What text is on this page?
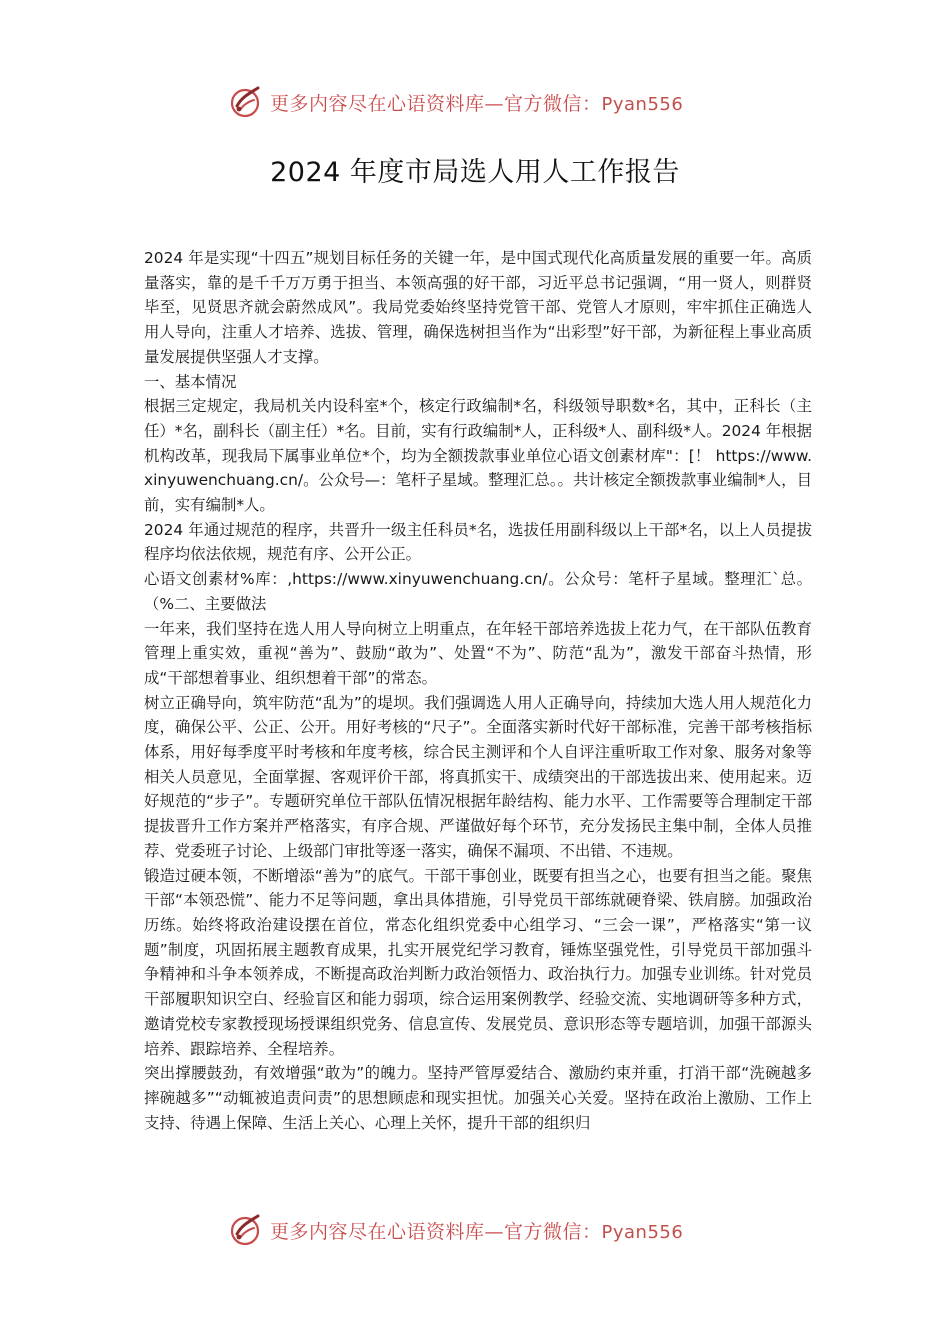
更多内容尽在心语资料库—官方微信：Pyan556
2024 年度市局选人用人工作报告

2024 年是实现“十四五”规划目标任务的关键一年，是中国式现代化高质量发展的重要一年。高质量落实，靠的是千千万万勇于担当、本领高强的好干部，习近平总书记强调，“用一贤人，则群贤毕至，见贤思齐就会蔚然成风”。我局党委始终坚持党管干部、党管人才原则，牢牢抓住正确选人用人导向，注重人才培养、选拔、管理，确保选树担当作为“出彩型”好干部，为新征程上事业高质量发展提供坚强人才支撑。

一、基本情况

根据三定规定，我局机关内设科室*个，核定行政编制*名，科级领导职数*名，其中，正科长（主任）*名，副科长（副主任）*名。目前，实有行政编制*人，正科级*人、副科级*人。2024 年根据机构改革，现我局下属事业单位*个，均为全额拨款事业单位心语文创素材库"：[！ https://www.xinyuwenchuang.cn/。公众号—：笔杆子星域。整理汇总。。共计核定全额拨款事业编制*人，目前，实有编制*人。

2024 年通过规范的程序，共晋升一级主任科员*名，选拔任用副科级以上干部*名，以上人员提拔程序均依法依规，规范有序、公开公正。

心语文创素材%库：,https://www.xinyuwenchuang.cn/。公众号：笔杆子星域。整理汇`总。（%二、主要做法

一年来，我们坚持在选人用人导向树立上明重点，在年轻干部培养选拔上花力气，在干部队伍教育管理上重实效，重视“善为”、鼓励“敢为”、处置“不为”、防范“乱为”，激发干部奋斗热情，形成“干部想着事业、组织想着干部”的常态。

树立正确导向，筑牢防范“乱为”的堤坝。我们强调选人用人正确导向，持续加大选人用人规范化力度，确保公平、公正、公开。用好考核的“尺子”。全面落实新时代好干部标准，完善干部考核指标体系，用好每季度平时考核和年度考核，综合民主测评和个人自评注重听取工作对象、服务对象等相关人员意见，全面掌握、客观评价干部，将真抓实干、成绩突出的干部选拔出来、使用起来。迈好规范的“步子”。专题研究单位干部队伍情况根据年龄结构、能力水平、工作需要等合理制定干部提拔晋升工作方案并严格落实，有序合规、严谨做好每个环节，充分发扬民主集中制，全体人员推荐、党委班子讨论、上级部门审批等逐一落实，确保不漏项、不出错、不违规。

锻造过硬本领，不断增添“善为”的底气。干部干事创业，既要有担当之心，也要有担当之能。聚焦干部“本领恐慌”、能力不足等问题，拿出具体措施，引导党员干部练就硬脊梁、铁肩膀。加强政治历练。始终将政治建设摆在首位，常态化组织党委中心组学习、“三会一课”，严格落实“第一议题”制度，巩固拓展主题教育成果，扎实开展党纪学习教育，锤炼坚强党性，引导党员干部加强斗争精神和斗争本领养成，不断提高政治判断力政治领悟力、政治执行力。加强专业训练。针对党员干部履职知识空白、经验盲区和能力弱项，综合运用案例教学、经验交流、实地调研等多种方式，邀请党校专家教授现场授课组织党务、信息宣传、发展党员、意识形态等专题培训，加强干部源头培养、跟踪培养、全程培养。

突出撑腰鼓劲，有效增强“敢为”的魄力。坚持严管厚爱结合、激励约束并重，打消干部“洗碗越多摔碗越多”“动辄被追责问责”的思想顾虑和现实担忧。加强关心关爱。坚持在政治上激励、工作上支持、待遇上保障、生活上关心、心理上关怀，提升干部的组织归

更多内容尽在心语资料库—官方微信：Pyan556
